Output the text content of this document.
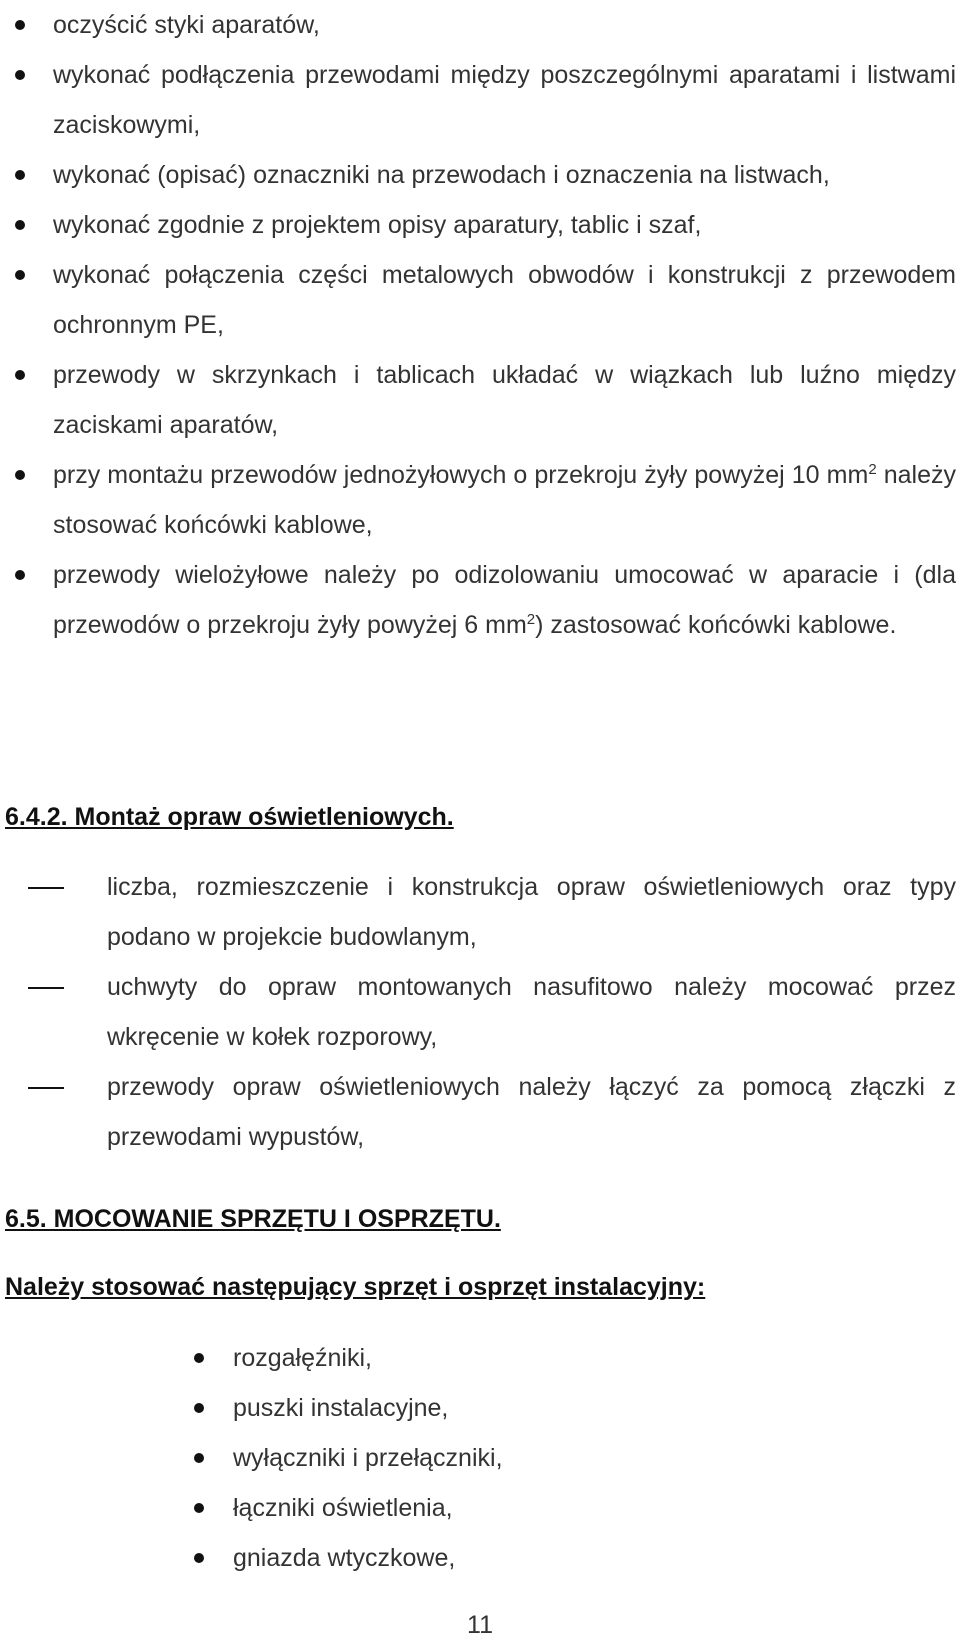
oczyścić styki aparatów,
wykonać podłączenia przewodami między poszczególnymi aparatami i listwami zaciskowymi,
wykonać (opisać) oznaczniki na przewodach i oznaczenia na listwach,
wykonać zgodnie z projektem opisy aparatury, tablic i szaf,
wykonać połączenia części metalowych obwodów i konstrukcji z przewodem ochronnym PE,
przewody w skrzynkach i tablicach układać w wiązkach lub luźno między zaciskami aparatów,
przy montażu przewodów jednożyłowych o przekroju żyły powyżej 10 $mm^2$ należy stosować końcówki kablowe,
przewody wielożyłowe należy po odizolowaniu umocować w aparacie i (dla przewodów o przekroju żyły powyżej 6 $mm^2$) zastosować końcówki kablowe.
6.4.2. Montaż opraw oświetleniowych.
liczba, rozmieszczenie i konstrukcja opraw oświetleniowych oraz typy podano w projekcie budowlanym,
uchwyty do opraw montowanych nasufitowo należy mocować przez wkręcenie w kołek rozporowy,
przewody opraw oświetleniowych należy łączyć za pomocą złączki z przewodami wypustów,
6.5. MOCOWANIE SPRZĘTU I OSPRZĘTU.

Należy stosować następujący sprzęt i osprzęt instalacyjny:

rozgałęźniki,
puszki instalacyjne,
wyłączniki i przełączniki,
łączniki oświetlenia,
gniazda wtyczkowe,
11
